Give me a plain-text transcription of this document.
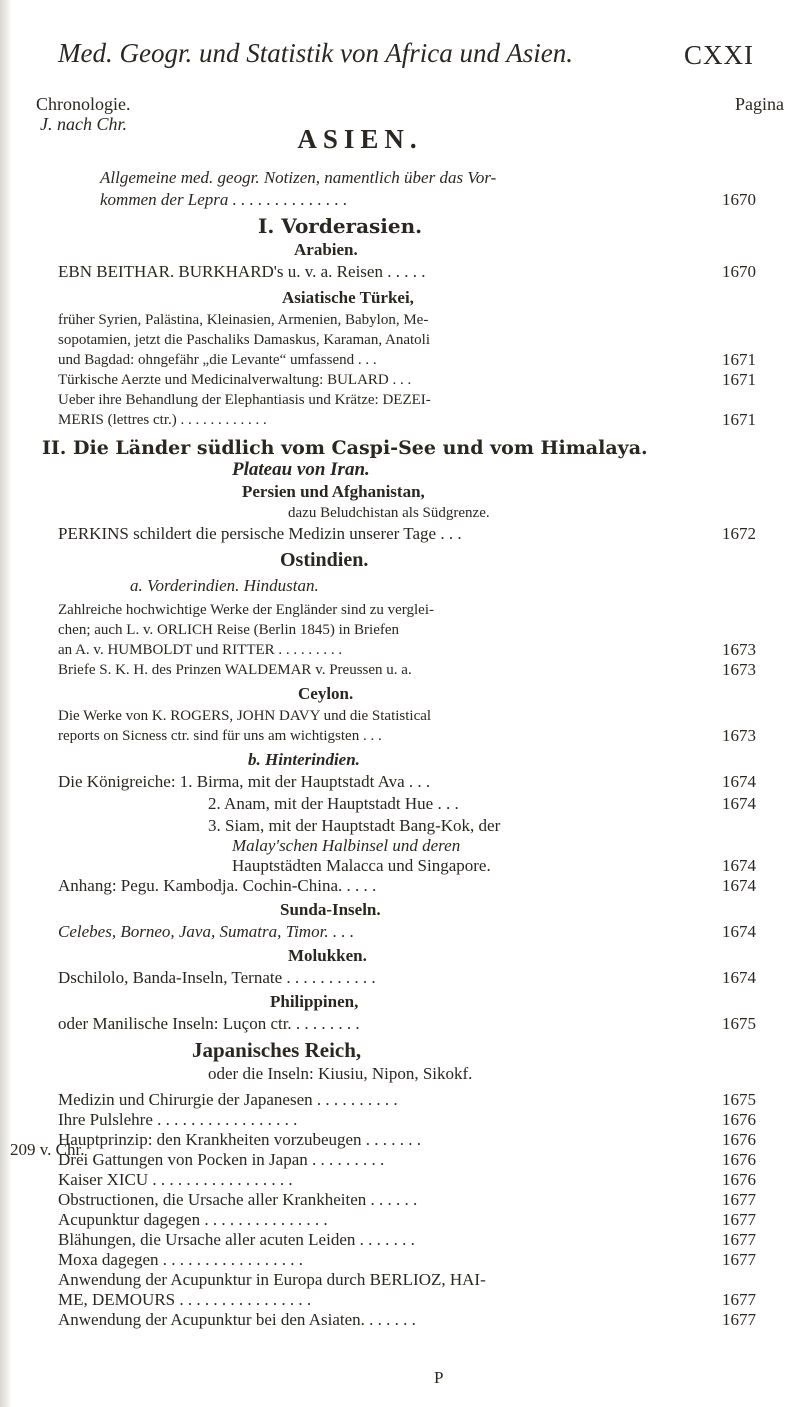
Med. Geogr. und Statistik von Africa und Asien.	CXXI
Chronologie.
J. nach Chr.
Pagina
ASIEN.
Allgemeine med. geogr. Notizen, namentlich über das Vor-
kommen der Lepra . . . . . . . . . . . . . .	1670
I. Vorderasien.
Arabien.
EBN BEITHAR. BURKHARD's u. v. a. Reisen . . . . .	1670
Asiatische Türkei,
früher Syrien, Palästina, Kleinasien, Armenien, Babylon, Me-
sopotamien, jetzt die Paschaliks Damaskus, Karaman, Anatoli
und Bagdad: ohngefähr „die Levante“ umfassend . . .	1671
Türkische Aerzte und Medicinalverwaltung: BULARD . . .	1671
Ueber ihre Behandlung der Elephantiasis und Krätze: DEZEI-
MERIS (lettres ctr.) . . . . . . . . . . . .	1671
II. Die Länder südlich vom Caspi-See und vom Himalaya.
Plateau von Iran.
Persien und Afghanistan,
dazu Beludchistan als Südgrenze.
PERKINS schildert die persische Medizin unserer Tage . . .	1672
Ostindien.
a. Vorderindien. Hindustan.
Zahlreiche hochwichtige Werke der Engländer sind zu verglei-
chen; auch L. v. ORLICH Reise (Berlin 1845) in Briefen
an A. v. HUMBOLDT und RITTER . . . . . . . . .	1673
Briefe S. K. H. des Prinzen WALDEMAR v. Preussen u. a.	1673
Ceylon.
Die Werke von K. ROGERS, JOHN DAVY und die Statistical
reports on Sicness ctr. sind für uns am wichtigsten . . .	1673
b. Hinterindien.
Die Königreiche: 1. Birma, mit der Hauptstadt Ava . . .	1674
2. Anam, mit der Hauptstadt Hue . . .	1674
3. Siam, mit der Hauptstadt Bang-Kok, der
Malay'schen Halbinsel und deren
Hauptstädten Malacca und Singapore.	1674
Anhang: Pegu. Kambodja. Cochin-China. . . . .	1674
Sunda-Inseln.
Celebes, Borneo, Java, Sumatra, Timor. . . .	1674
Molukken.
Dschilolo, Banda-Inseln, Ternate . . . . . . . . . . .	1674
Philippinen,
oder Manilische Inseln: Luçon ctr. . . . . . . . .	1675
Japanisches Reich,
oder die Inseln: Kiusiu, Nipon, Sikokf.
Medizin und Chirurgie der Japanesen . . . . . . . . . .	1675
Ihre Pulslehre . . . . . . . . . . . . . . . . .	1676
Hauptprinzip: den Krankheiten vorzubeugen . . . . . . .	1676
Drei Gattungen von Pocken in Japan . . . . . . . . .	1676
Kaiser XICU . . . . . . . . . . . . . . . . .	1676
Obstructionen, die Ursache aller Krankheiten . . . . . .	1677
Acupunktur dagegen . . . . . . . . . . . . . . .	1677
Blähungen, die Ursache aller acuten Leiden . . . . . . .	1677
Moxa dagegen . . . . . . . . . . . . . . . . .	1677
Anwendung der Acupunktur in Europa durch BERLIOZ, HAI-
ME, DEMOURS . . . . . . . . . . . . . . . .	1677
Anwendung der Acupunktur bei den Asiaten. . . . . . .	1677
209 v. Chr.
P
